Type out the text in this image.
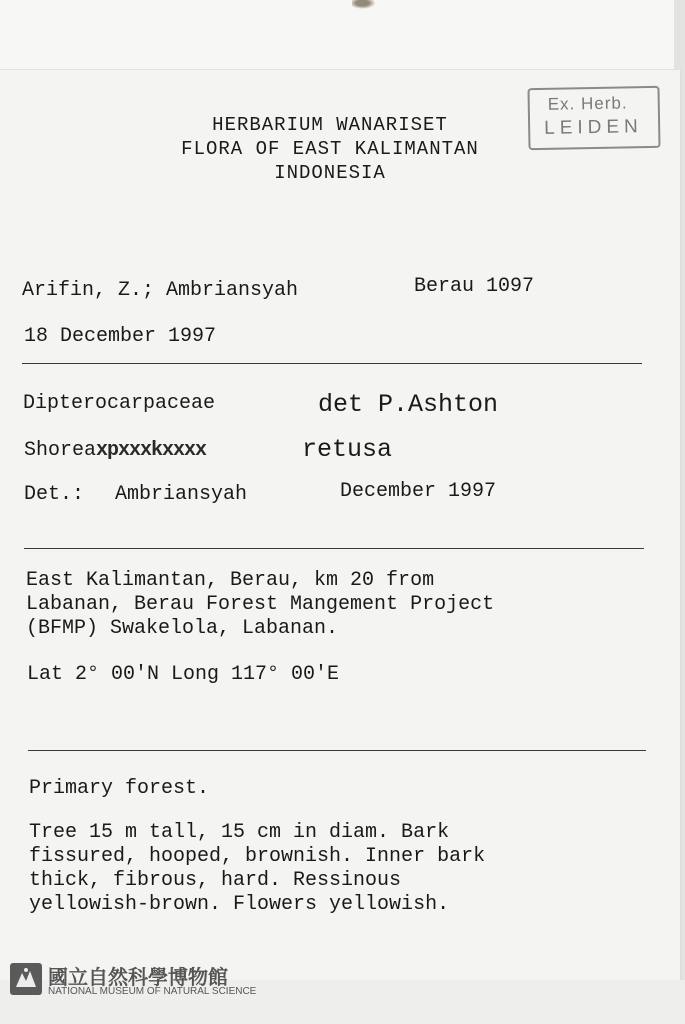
HERBARIUM WANARISET
FLORA OF EAST KALIMANTAN
INDONESIA
Ex. Herb.
LEIDEN
Arifin, Z.; Ambriansyah	Berau 1097
18 December 1997
Dipterocarpaceae	det P.Ashton
Shoreaxpxxxkxxxx	retusa
Det.: Ambriansyah	December 1997
East Kalimantan, Berau, km 20 from
Labanan, Berau Forest Mangement Project
(BFMP) Swakelola, Labanan.
Lat 2° 00'N Long 117° 00'E
Primary forest.
Tree 15 m tall, 15 cm in diam. Bark
fissured, hooped, brownish. Inner bark
thick, fibrous, hard. Ressinous
yellowish-brown. Flowers yellowish.
國立自然科學博物館
NATIONAL MUSEUM OF NATURAL SCIENCE
